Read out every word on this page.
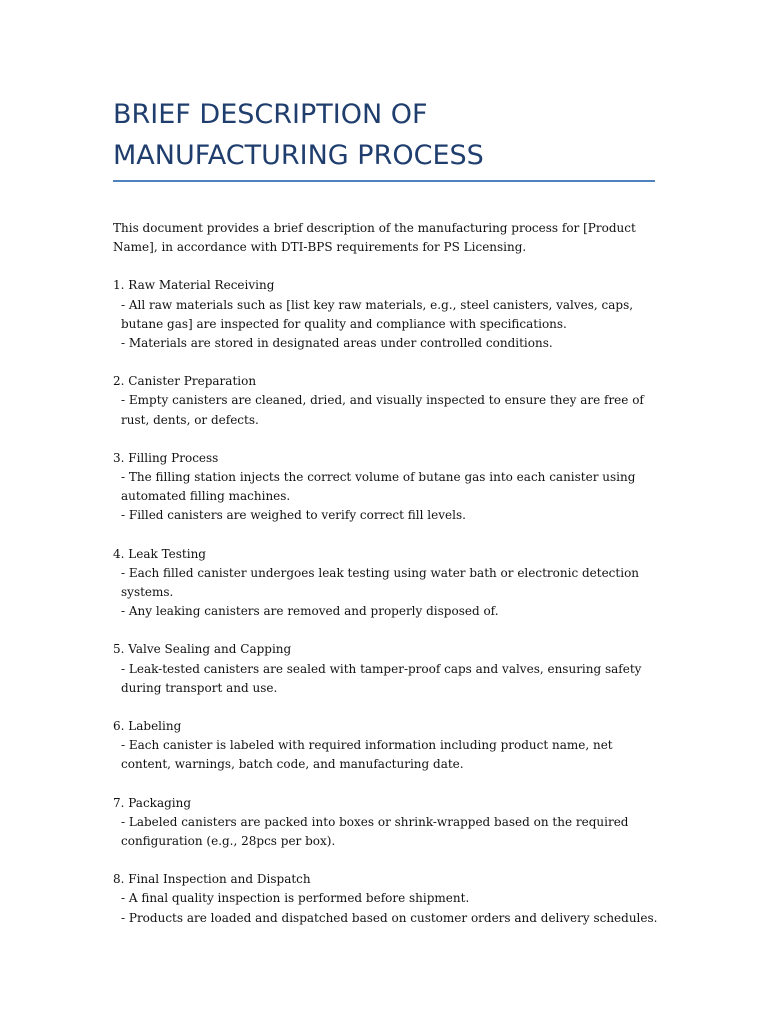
BRIEF DESCRIPTION OF
MANUFACTURING PROCESS

This document provides a brief description of the manufacturing process for [Product Name], in accordance with DTI-BPS requirements for PS Licensing.

1. Raw Material Receiving
- All raw materials such as [list key raw materials, e.g., steel canisters, valves, caps, butane gas] are inspected for quality and compliance with specifications.
- Materials are stored in designated areas under controlled conditions.
2. Canister Preparation
- Empty canisters are cleaned, dried, and visually inspected to ensure they are free of rust, dents, or defects.
3. Filling Process
- The filling station injects the correct volume of butane gas into each canister using automated filling machines.
- Filled canisters are weighed to verify correct fill levels.
4. Leak Testing
- Each filled canister undergoes leak testing using water bath or electronic detection systems.
- Any leaking canisters are removed and properly disposed of.
5. Valve Sealing and Capping
- Leak-tested canisters are sealed with tamper-proof caps and valves, ensuring safety during transport and use.
6. Labeling
- Each canister is labeled with required information including product name, net content, warnings, batch code, and manufacturing date.
7. Packaging
- Labeled canisters are packed into boxes or shrink-wrapped based on the required configuration (e.g., 28pcs per box).
8. Final Inspection and Dispatch
- A final quality inspection is performed before shipment.
- Products are loaded and dispatched based on customer orders and delivery schedules.
